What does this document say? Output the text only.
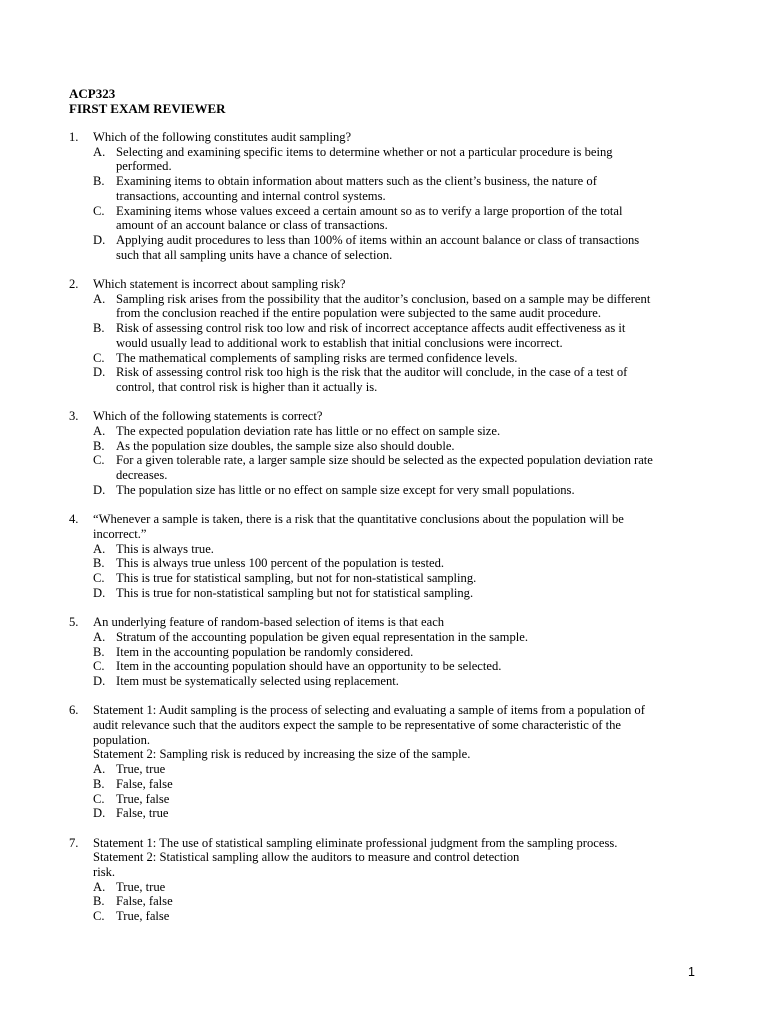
ACP323
FIRST EXAM REVIEWER
1.	Which of the following constitutes audit sampling?
A. Selecting and examining specific items to determine whether or not a particular procedure is being
performed.
B. Examining items to obtain information about matters such as the client’s business, the nature of
transactions, accounting and internal control systems.
C. Examining items whose values exceed a certain amount so as to verify a large proportion of the total
amount of an account balance or class of transactions.
D. Applying audit procedures to less than 100% of items within an account balance or class of transactions
such that all sampling units have a chance of selection.
2.	Which statement is incorrect about sampling risk?
A. Sampling risk arises from the possibility that the auditor’s conclusion, based on a sample may be different
from the conclusion reached if the entire population were subjected to the same audit procedure.
B. Risk of assessing control risk too low and risk of incorrect acceptance affects audit effectiveness as it
would usually lead to additional work to establish that initial conclusions were incorrect.
C. The mathematical complements of sampling risks are termed confidence levels.
D. Risk of assessing control risk too high is the risk that the auditor will conclude, in the case of a test of
control, that control risk is higher than it actually is.
3.	Which of the following statements is correct?
A. The expected population deviation rate has little or no effect on sample size.
B. As the population size doubles, the sample size also should double.
C. For a given tolerable rate, a larger sample size should be selected as the expected population deviation rate
decreases.
D. The population size has little or no effect on sample size except for very small populations.
4.	“Whenever a sample is taken, there is a risk that the quantitative conclusions about the population will be
incorrect.”
A. This is always true.
B. This is always true unless 100 percent of the population is tested.
C. This is true for statistical sampling, but not for non-statistical sampling.
D. This is true for non-statistical sampling but not for statistical sampling.
5.	An underlying feature of random-based selection of items is that each
A. Stratum of the accounting population be given equal representation in the sample.
B. Item in the accounting population be randomly considered.
C. Item in the accounting population should have an opportunity to be selected.
D. Item must be systematically selected using replacement.
6.	Statement 1: Audit sampling is the process of selecting and evaluating a sample of items from a population of
audit relevance such that the auditors expect the sample to be representative of some characteristic of the
population.
Statement 2: Sampling risk is reduced by increasing the size of the sample.
A. True, true
B. False, false
C. True, false
D. False, true
7.	Statement 1: The use of statistical sampling eliminate professional judgment from the sampling process.
Statement 2: Statistical sampling allow the auditors to measure and control detection
risk.
A. True, true
B. False, false
C. True, false
1
